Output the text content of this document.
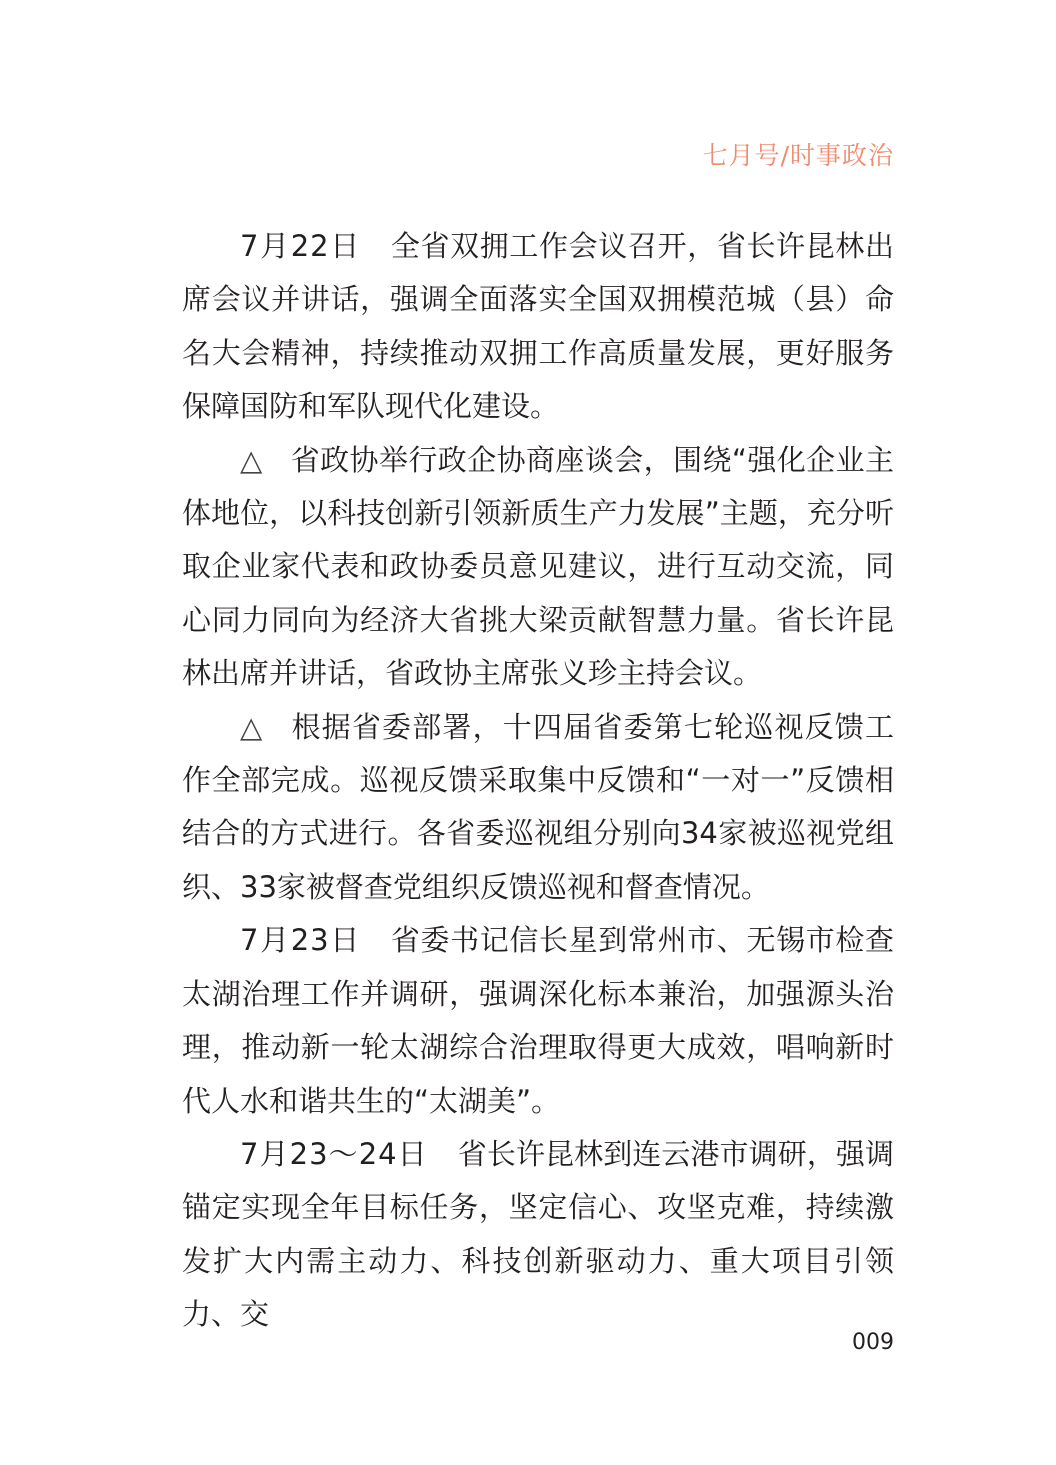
七月号/时事政治

7月22日 全省双拥工作会议召开，省长许昆林出席会议并讲话，强调全面落实全国双拥模范城（县）命名大会精神，持续推动双拥工作高质量发展，更好服务保障国防和军队现代化建设。

△ 省政协举行政企协商座谈会，围绕“强化企业主体地位，以科技创新引领新质生产力发展”主题，充分听取企业家代表和政协委员意见建议，进行互动交流，同心同力同向为经济大省挑大梁贡献智慧力量。省长许昆林出席并讲话，省政协主席张义珍主持会议。

△ 根据省委部署，十四届省委第七轮巡视反馈工作全部完成。巡视反馈采取集中反馈和“一对一”反馈相结合的方式进行。各省委巡视组分别向34家被巡视党组织、33家被督查党组织反馈巡视和督查情况。

7月23日 省委书记信长星到常州市、无锡市检查太湖治理工作并调研，强调深化标本兼治，加强源头治理，推动新一轮太湖综合治理取得更大成效，唱响新时代人水和谐共生的“太湖美”。

7月23～24日 省长许昆林到连云港市调研，强调锚定实现全年目标任务，坚定信心、攻坚克难，持续激发扩大内需主动力、科技创新驱动力、重大项目引领力、交

009
